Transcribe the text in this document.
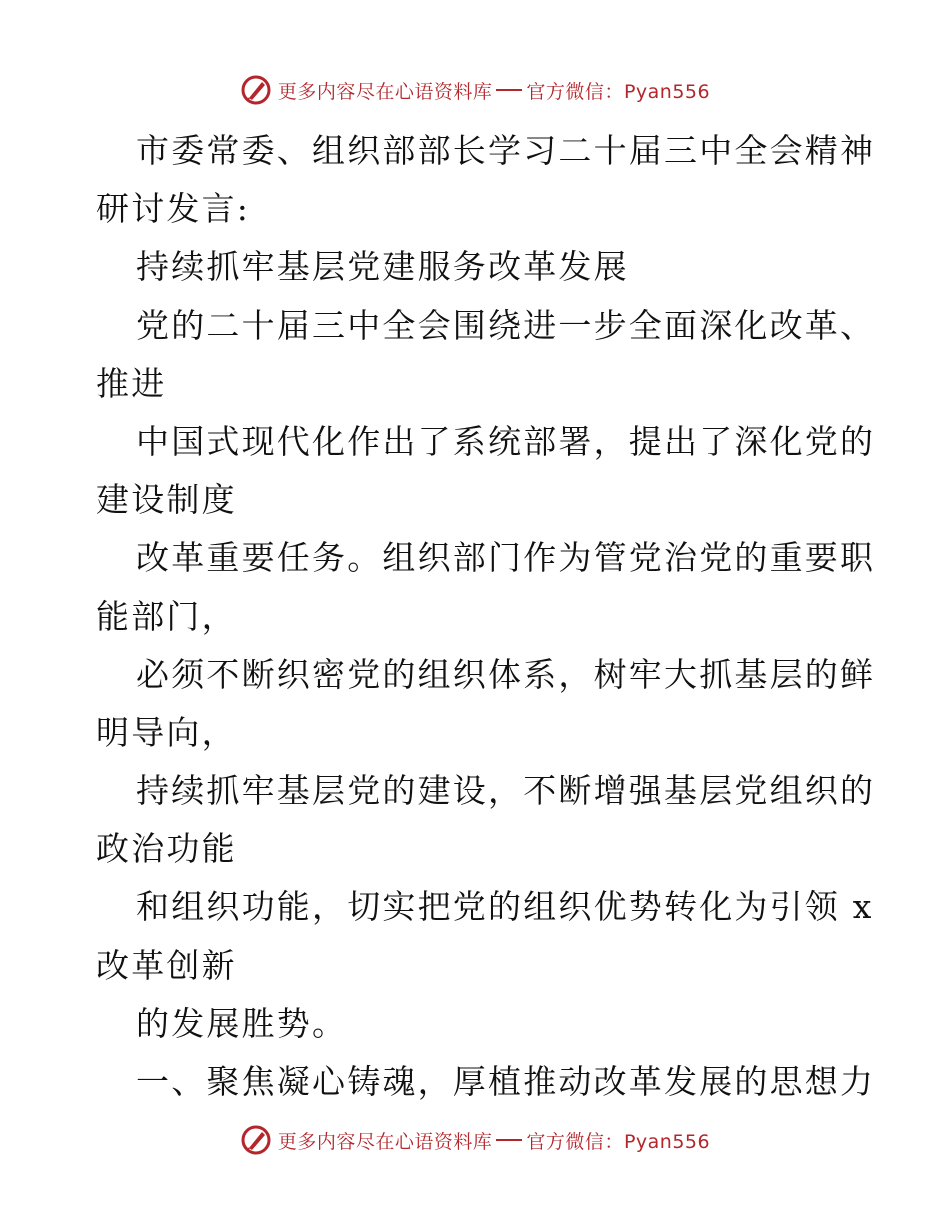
更多内容尽在心语资料库 官方微信：Pyan556
市委常委、组织部部长学习二十届三中全会精神
研讨发言:
持续抓牢基层党建服务改革发展
党的二十届三中全会围绕进一步全面深化改革、
推进
中国式现代化作出了系统部署，提出了深化党的
建设制度
改革重要任务。组织部门作为管党治党的重要职
能部门，
必须不断织密党的组织体系，树牢大抓基层的鲜
明导向，
持续抓牢基层党的建设，不断增强基层党组织的
政治功能
和组织功能，切实把党的组织优势转化为引领 x
改革创新
的发展胜势。
一、聚焦凝心铸魂，厚植推动改革发展的思想力
更多内容尽在心语资料库 官方微信：Pyan556
